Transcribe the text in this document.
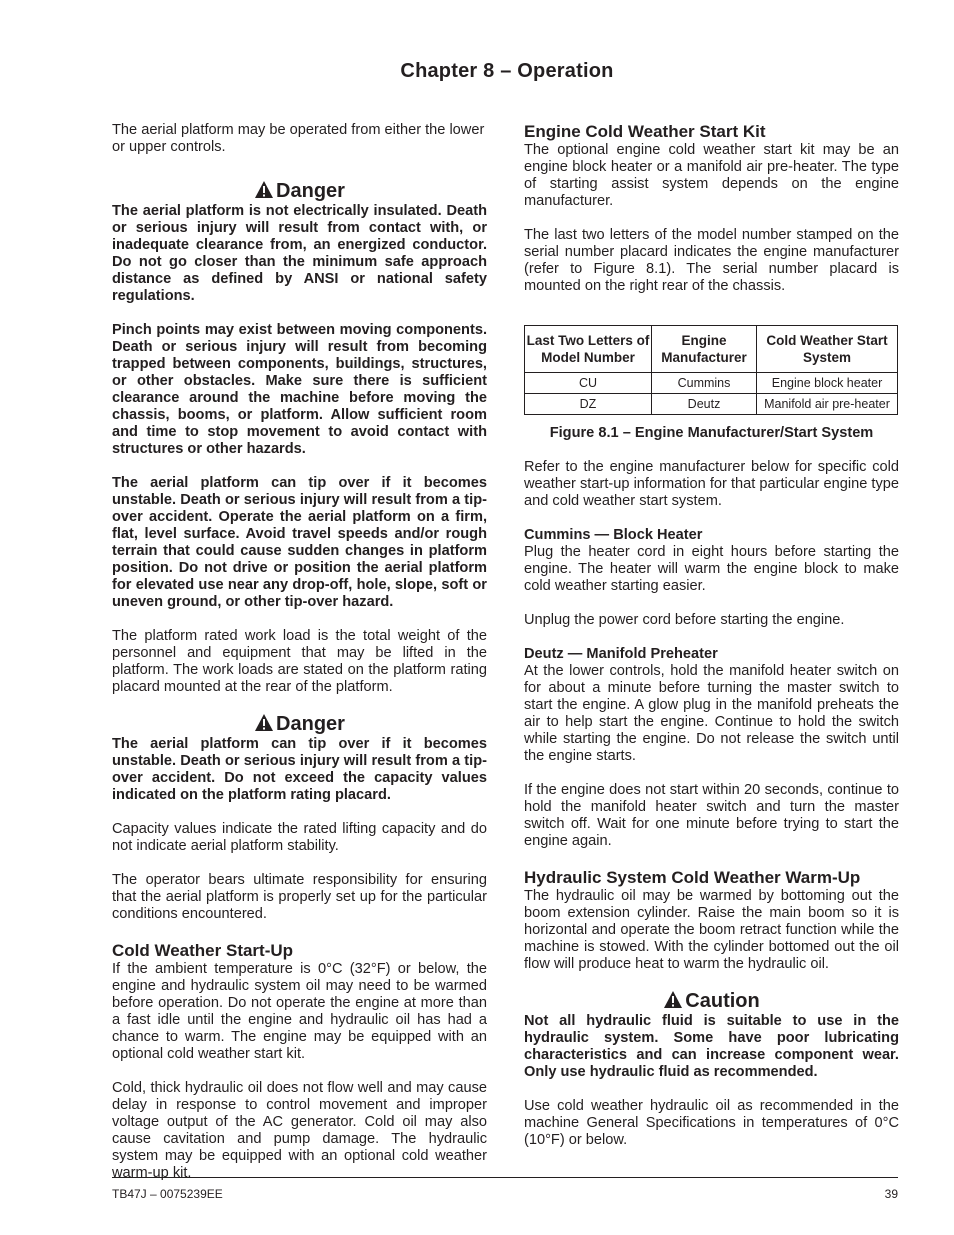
Chapter 8 – Operation

The aerial platform may be operated from either the lower or upper controls.

Danger

The aerial platform is not electrically insulated. Death or serious injury will result from contact with, or inadequate clearance from, an energized conductor. Do not go closer than the minimum safe approach distance as defined by ANSI or national safety regulations.

Pinch points may exist between moving components. Death or serious injury will result from becoming trapped between components, buildings, structures, or other obstacles. Make sure there is sufficient clearance around the machine before moving the chassis, booms, or platform. Allow sufficient room and time to stop movement to avoid contact with structures or other hazards.

The aerial platform can tip over if it becomes unstable. Death or serious injury will result from a tip-over accident. Operate the aerial platform on a firm, flat, level surface. Avoid travel speeds and/or rough terrain that could cause sudden changes in platform position. Do not drive or position the aerial platform for elevated use near any drop-off, hole, slope, soft or uneven ground, or other tip-over hazard.

The platform rated work load is the total weight of the personnel and equipment that may be lifted in the platform. The work loads are stated on the platform rating placard mounted at the rear of the platform.

Danger

The aerial platform can tip over if it becomes unstable. Death or serious injury will result from a tip-over accident. Do not exceed the capacity values indicated on the platform rating placard.

Capacity values indicate the rated lifting capacity and do not indicate aerial platform stability.

The operator bears ultimate responsibility for ensuring that the aerial platform is properly set up for the particular conditions encountered.

Cold Weather Start-Up

If the ambient temperature is 0°C (32°F) or below, the engine and hydraulic system oil may need to be warmed before operation. Do not operate the engine at more than a fast idle until the engine and hydraulic oil has had a chance to warm. The engine may be equipped with an optional cold weather start kit.

Cold, thick hydraulic oil does not flow well and may cause delay in response to control movement and improper voltage output of the AC generator. Cold oil may also cause cavitation and pump damage. The hydraulic system may be equipped with an optional cold weather warm-up kit.

Engine Cold Weather Start Kit

The optional engine cold weather start kit may be an engine block heater or a manifold air pre-heater. The type of starting assist system depends on the engine manufacturer.

The last two letters of the model number stamped on the serial number placard indicates the engine manufacturer (refer to Figure 8.1). The serial number placard is mounted on the right rear of the chassis.

Last Two Letters of Model Number	Engine Manufacturer	Cold Weather Start System
CU	Cummins	Engine block heater
DZ	Deutz	Manifold air pre-heater
Figure 8.1 – Engine Manufacturer/Start System

Refer to the engine manufacturer below for specific cold weather start-up information for that particular engine type and cold weather start system.

Cummins — Block Heater

Plug the heater cord in eight hours before starting the engine. The heater will warm the engine block to make cold weather starting easier.

Unplug the power cord before starting the engine.

Deutz — Manifold Preheater

At the lower controls, hold the manifold heater switch on for about a minute before turning the master switch to start the engine. A glow plug in the manifold preheats the air to help start the engine. Continue to hold the switch while starting the engine. Do not release the switch until the engine starts.

If the engine does not start within 20 seconds, continue to hold the manifold heater switch and turn the master switch off. Wait for one minute before trying to start the engine again.

Hydraulic System Cold Weather Warm-Up

The hydraulic oil may be warmed by bottoming out the boom extension cylinder. Raise the main boom so it is horizontal and operate the boom retract function while the machine is stowed. With the cylinder bottomed out the oil flow will produce heat to warm the hydraulic oil.

Caution

Not all hydraulic fluid is suitable to use in the hydraulic system. Some have poor lubricating characteristics and can increase component wear. Only use hydraulic fluid as recommended.

Use cold weather hydraulic oil as recommended in the machine General Specifications in temperatures of 0°C (10°F) or below.

TB47J – 0075239EE	39
